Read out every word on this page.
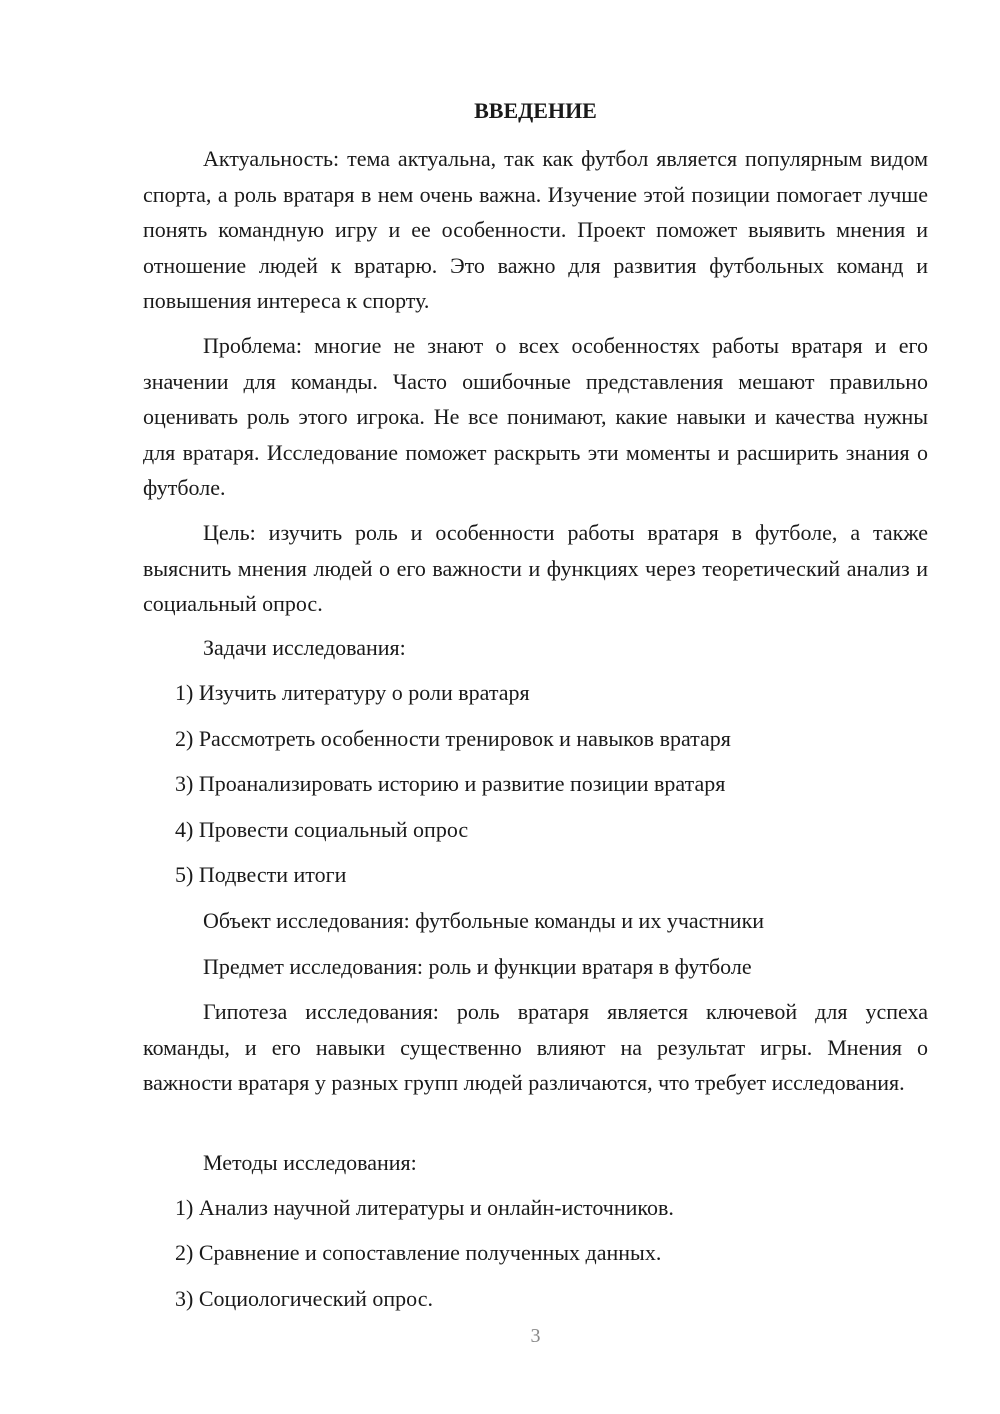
ВВЕДЕНИЕ

Актуальность: тема актуальна, так как футбол является популярным видом спорта, а роль вратаря в нем очень важна. Изучение этой позиции помогает лучше понять командную игру и ее особенности. Проект поможет выявить мнения и отношение людей к вратарю. Это важно для развития футбольных команд и повышения интереса к спорту.

Проблема: многие не знают о всех особенностях работы вратаря и его значении для команды. Часто ошибочные представления мешают правильно оценивать роль этого игрока. Не все понимают, какие навыки и качества нужны для вратаря. Исследование поможет раскрыть эти моменты и расширить знания о футболе.

Цель: изучить роль и особенности работы вратаря в футболе, а также выяснить мнения людей о его важности и функциях через теоретический анализ и социальный опрос.

Задачи исследования:
1) Изучить литературу о роли вратаря
2) Рассмотреть особенности тренировок и навыков вратаря
3) Проанализировать историю и развитие позиции вратаря
4) Провести социальный опрос
5) Подвести итоги
Объект исследования: футбольные команды и их участники
Предмет исследования: роль и функции вратаря в футболе

Гипотеза исследования: роль вратаря является ключевой для успеха команды, и его навыки существенно влияют на результат игры. Мнения о важности вратаря у разных групп людей различаются, что требует исследования.

Методы исследования:
1) Анализ научной литературы и онлайн-источников.
2) Сравнение и сопоставление полученных данных.
3) Социологический опрос.
3
